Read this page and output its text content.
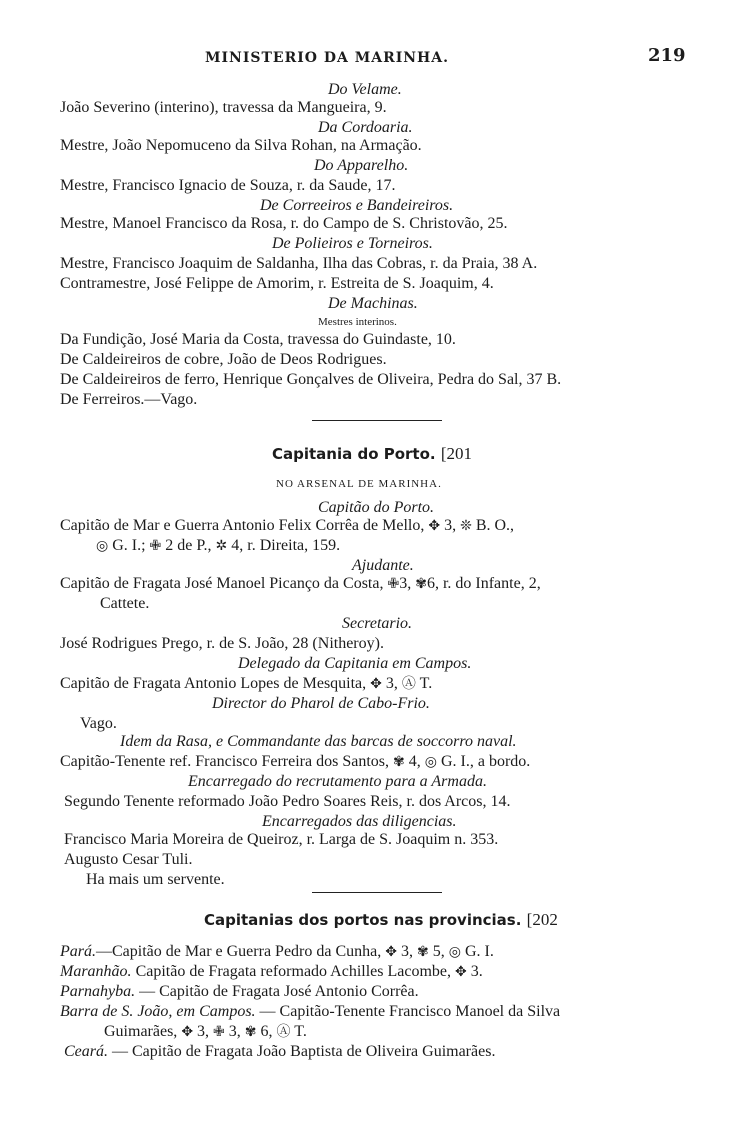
MINISTERIO DA MARINHA.	219
Do Velame.
João Severino (interino), travessa da Mangueira, 9.
Da Cordoaria.
Mestre, João Nepomuceno da Silva Rohan, na Armação.
Do Apparelho.
Mestre, Francisco Ignacio de Souza, r. da Saude, 17.
De Correeiros e Bandeireiros.
Mestre, Manoel Francisco da Rosa, r. do Campo de S. Christovão, 25.
De Polieiros e Torneiros.
Mestre, Francisco Joaquim de Saldanha, Ilha das Cobras, r. da Praia, 38 A.
Contramestre, José Felippe de Amorim, r. Estreita de S. Joaquim, 4.
De Machinas.
Mestres interinos.
Da Fundição, José Maria da Costa, travessa do Guindaste, 10.
De Caldeireiros de cobre, João de Deos Rodrigues.
De Caldeireiros de ferro, Henrique Gonçalves de Oliveira, Pedra do Sal, 37 B.
De Ferreiros.—Vago.
Capitania do Porto. [201
NO ARSENAL DE MARINHA.
Capitão do Porto.
Capitão de Mar e Guerra Antonio Felix Corrêa de Mello, ✥ 3, ❊ B. O.,
◎ G. I.; ✙ 2 de P., ✲ 4, r. Direita, 159.
Ajudante.
Capitão de Fragata José Manoel Picanço da Costa, ✙3, ✾6, r. do Infante, 2,
Cattete.
Secretario.
José Rodrigues Prego, r. de S. João, 28 (Nitheroy).
Delegado da Capitania em Campos.
Capitão de Fragata Antonio Lopes de Mesquita, ✥ 3, Ⓐ T.
Director do Pharol de Cabo-Frio.
Vago.
Idem da Rasa, e Commandante das barcas de soccorro naval.
Capitão-Tenente ref. Francisco Ferreira dos Santos, ✾ 4, ◎ G. I., a bordo.
Encarregado do recrutamento para a Armada.
Segundo Tenente reformado João Pedro Soares Reis, r. dos Arcos, 14.
Encarregados das diligencias.
Francisco Maria Moreira de Queiroz, r. Larga de S. Joaquim n. 353.
Augusto Cesar Tuli.
Ha mais um servente.
Capitanias dos portos nas provincias. [202
Pará.—Capitão de Mar e Guerra Pedro da Cunha, ✥ 3, ✾ 5, ◎ G. I.
Maranhão. Capitão de Fragata reformado Achilles Lacombe, ✥ 3.
Parnahyba. — Capitão de Fragata José Antonio Corrêa.
Barra de S. João, em Campos. — Capitão-Tenente Francisco Manoel da Silva
Guimarães, ✥ 3, ✙ 3, ✾ 6, Ⓐ T.
Ceará. — Capitão de Fragata João Baptista de Oliveira Guimarães.
